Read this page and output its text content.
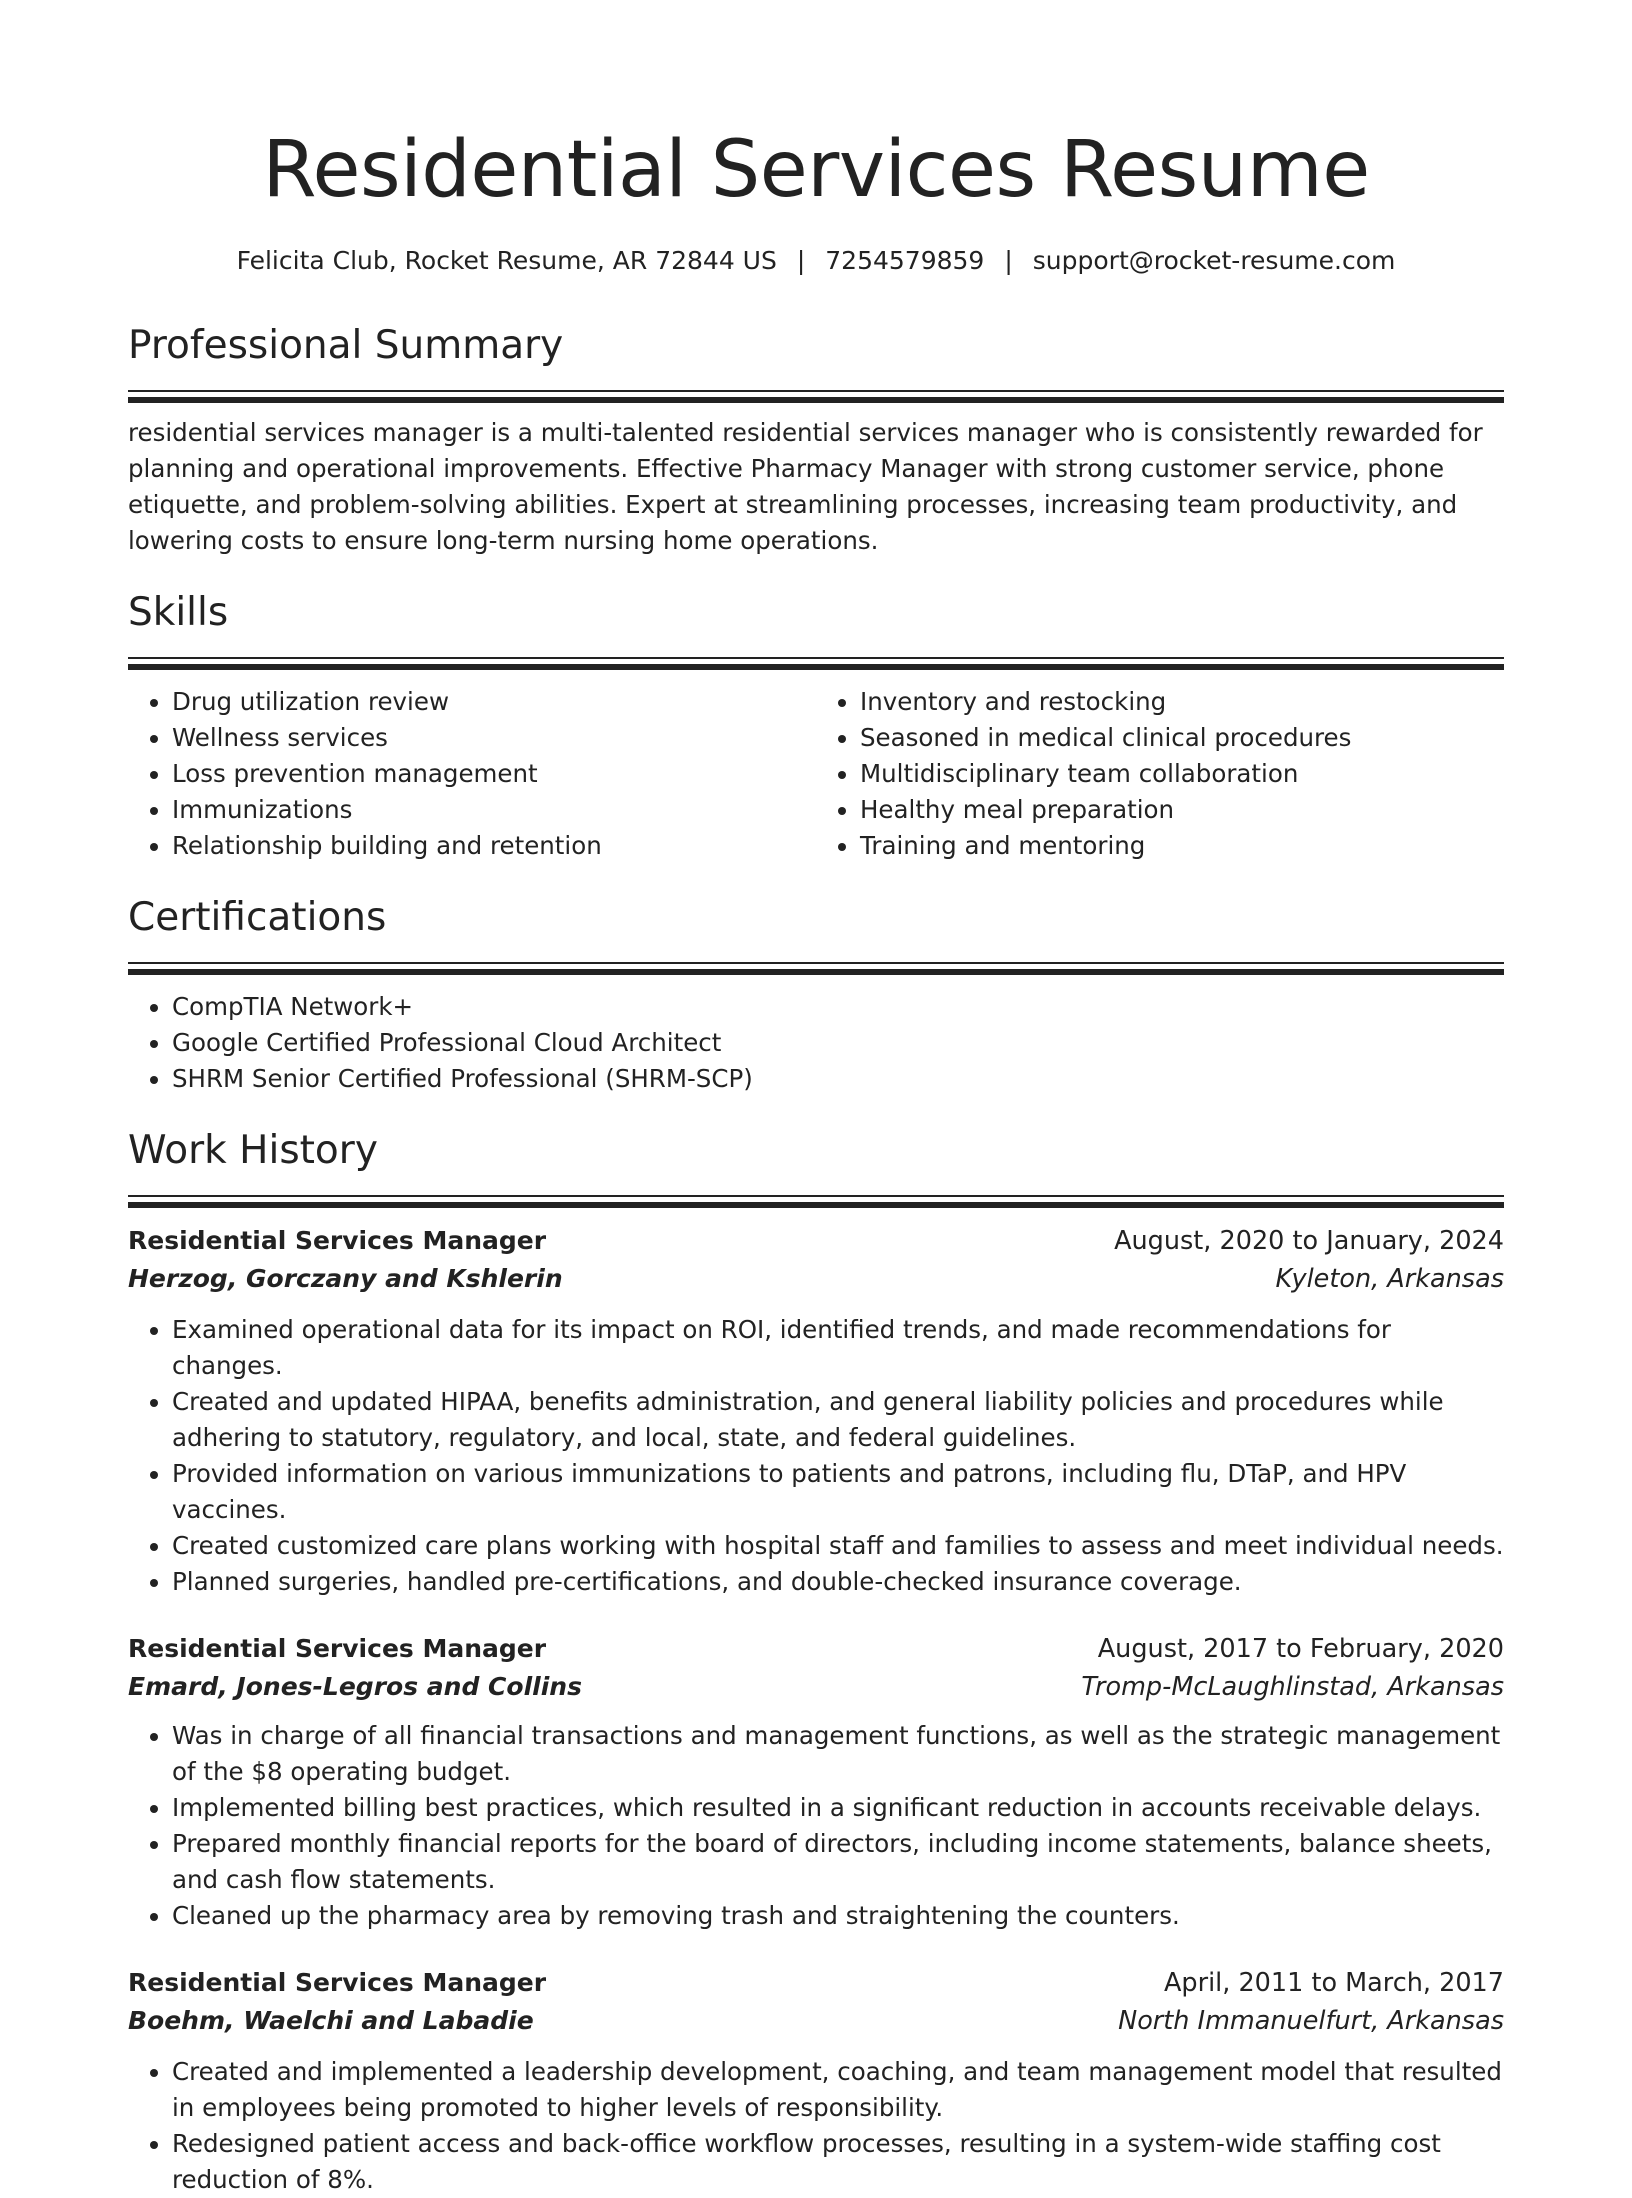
Residential Services Resume
Felicita Club, Rocket Resume, AR 72844 US | 7254579859 | support@rocket-resume.com
Professional Summary
residential services manager is a multi-talented residential services manager who is consistently rewarded for planning and operational improvements. Effective Pharmacy Manager with strong customer service, phone etiquette, and problem-solving abilities. Expert at streamlining processes, increasing team productivity, and lowering costs to ensure long-term nursing home operations.
Skills
• Drug utilization review
• Wellness services
• Loss prevention management
• Immunizations
• Relationship building and retention
• Inventory and restocking
• Seasoned in medical clinical procedures
• Multidisciplinary team collaboration
• Healthy meal preparation
• Training and mentoring
Certifications
• CompTIA Network+
• Google Certified Professional Cloud Architect
• SHRM Senior Certified Professional (SHRM-SCP)
Work History
Residential Services Manager	August, 2020 to January, 2024
Herzog, Gorczany and Kshlerin	Kyleton, Arkansas
• Examined operational data for its impact on ROI, identified trends, and made recommendations for changes.
• Created and updated HIPAA, benefits administration, and general liability policies and procedures while adhering to statutory, regulatory, and local, state, and federal guidelines.
• Provided information on various immunizations to patients and patrons, including flu, DTaP, and HPV vaccines.
• Created customized care plans working with hospital staff and families to assess and meet individual needs.
• Planned surgeries, handled pre-certifications, and double-checked insurance coverage.
Residential Services Manager	August, 2017 to February, 2020
Emard, Jones-Legros and Collins	Tromp-McLaughlinstad, Arkansas
• Was in charge of all financial transactions and management functions, as well as the strategic management of the $8 operating budget.
• Implemented billing best practices, which resulted in a significant reduction in accounts receivable delays.
• Prepared monthly financial reports for the board of directors, including income statements, balance sheets, and cash flow statements.
• Cleaned up the pharmacy area by removing trash and straightening the counters.
Residential Services Manager	April, 2011 to March, 2017
Boehm, Waelchi and Labadie	North Immanuelfurt, Arkansas
• Created and implemented a leadership development, coaching, and team management model that resulted in employees being promoted to higher levels of responsibility.
• Redesigned patient access and back-office workflow processes, resulting in a system-wide staffing cost reduction of 8%.
